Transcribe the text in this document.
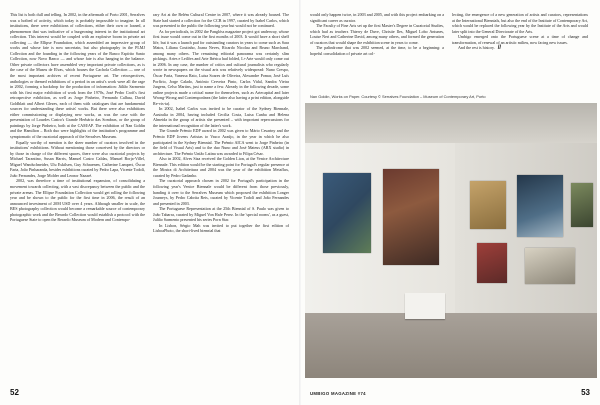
This list is both dull and telling. In 2002, in the aftermath of Porto 2001, Serralves was a hotbed of activity, which today is probably impossible to imagine. In all institutions, there were exhibitions of collections, either their own or loaned, a phenomenon that was indicative of a burgeoning interest in the institutional art collection. This interest would be coupled with an explosive boom in private art collecting — the Ellipse Foundation, which assembled an impressive group of works and whose fate is now uncertain, but also photography in the PLMJ Collection and the founding in the following years of the Banco Espírito Santo Collection, now Novo Banco — and whose fate is also hanging in the balance. Other private collectors have assembled very important private collections, as is the case of the Museu de Elvas, which houses the Cachola Collection — one of the most important archives of recent Portuguese art. The retrospectives, anthologies or themed exhibitions of a period in an artist's work were all the rage in 2002, forming a backdrop for the production of information: Júlião Sarmento with his first major exhibition of work from the 1970s, José Pedro Croft's first retrospective exhibition, as well as Jorge Pinheiro, Fernando Calhau, David Goldblatt and Albert Glezes, each of them with catalogues that are fundamental sources for understanding these artists' works. But there were also exhibitions either commissioning or displaying new works, as was the case with the presentation of Lourdes Castro's Grande Herbário das Sombras, or the group of paintings by Jorge Pinheiro, both at the CAM/AP. The exhibition of Nan Goldin and the Hamilton – Roth duo were highlights of the institution's programme and symptomatic of the curatorial approach of the Serralves Museum.

Equally worthy of mention is the sheer number of curators involved in the institutions' exhibitions. Without mentioning those conceived by the directors or by those in charge of the different spaces, there were also curatorial projects by Michael Tarantino, Susan Harris, Manuel Castro Caldas, Manuel Borja-Villel, Miguel Wandschneider, Ulu Eskilsen, Guy Schraenen, Catherine Lampert, Óscar Faria, João Pinharanda, besides exhibitions curated by Pedro Lapa, Vicente Todolí, João Fernandes, Jorge Molder and Leonor Nazaré.

2002, was therefore a time of institutional expansion, of consolidating a movement towards collecting, with a vast discrepancy between the public and the private arenas. The Ellipse Foundation Collection would get rolling the following year and be shown to the public for the first time in 2006, the result of an announced investment of 20M USD over 4 years. Although smaller in scale, the BES photography collection would become a remarkable source of contemporary photographic work and the Berardo Collection would establish a protocol with the Portuguese State to open the Berardo Museum of Modern and Contempo-

rary Art at the Belém Cultural Centre in 2007, where it was already housed. The State had started a collection for the CCB in 1997, curated by Isabel Carlos, which was presented to the public the following year but would not be continued.

As for periodicals, in 2002 the Panglóss magazine project got underway, whose first issue would come out in the first months of 2003. It would have a short shelf life, but it was a launch pad for outstanding curators in years to come such as Sara Matos, Liliana Coutinho, Joana Neves, Ricardo Nicolau and Bruno Marchand, among many others. The remaining editorial panorama was certainly slim pickings. Artes e Leilões and Arte Ibérica had folded, L+Arte would only come out in 2006. In any case, the number of critics and cultural journalists who regularly wrote in newspapers on the visual arts was relatively widespread: Nuno Crespo, Óscar Faria, Vanessa Rato, Luisa Soares de Oliveira, Alexandre Pomar, José Luís Porfírio, Jorge Calado, António Cerveira Pinto, Carlos Vidal, Sandra Vieira Jurgens, Celso Martins, just to name a few. Already in the following decade, some online projects made a critical name for themselves, such as Artecapital and later Wrong-Wrong and Contemporânea (the latter also having a print edition, alongside Re-vis-ta).

In 2002, Isabel Carlos was invited to be curator of the Sydney Biennale, Australia in 2004, having included Cecilia Costa, Luisa Cunha and Helena Almeida in the group of artists she presented – with important repercussions for the international recognition of the latter's work.

The Grande Prémio EDP award in 2002 was given to Mário Cesariny and the Prémio EDP Jovens Artistas to Vasco Araújo, in the year in which he also participated in the Sydney Biennial. The Prémio AICA went to Jorge Pinheiro (in the field of Visual Arts) and to the duo Nuno and José Mateus (ARX studio) in architecture. The Prémio União Latina was awarded to Filipa César.

Also in 2002, Alves Siza received the Golden Lion, at the Venice Architecture Biennale. This edition would be the starting point for Portugal's regular presence at the Mostra di Architettura and 2004 was the year of the exhibition Metaflux, curated by Pedro Gadanho.

The curatorial approach chosen in 2002 for Portugal's participation in the following year's Venice Biennale would be different from those previously, handing it over to the Serralves Museum which proposed the exhibition Longer Journeys, by Pedro Cabrita Reis, curated by Vicente Todolí and João Fernandes and presented in 2003.

The Portuguese Representation at the 25th Biennial of S. Paulo was given to João Tabarra, curated by Miguel Von Hafe Perez. In the 'special rooms', as a guest, Julião Sarmento presented his series Porn Star.

In Lisbon, Sérgio Mah was invited to put together the first edition of LisboaPhoto, the short-lived biennial that

52

would only happen twice, in 2003 and 2005, and with this project embarking on a significant career as curator.

The Faculty of Fine Arts set up the first Master's Degree in Curatorial Studies, which had as teachers Thierry de Duve, Christie Iles, Miguel Lobo Antunes, Louise Neri and Catherine David, among many others, and formed the generation of curators that would shape the exhibition scene in years to come.

The palindrome that was 2002 seemed, at the time, to be a beginning: a hopeful consolidation of private art col-

lecting, the emergence of a new generation of artists and curators, representations at the International Biennials, but also the end of the Institute of Contemporary Art, which would be replaced the following year by the Institute of the Arts and would later split into the General Directorate of the Arts.

Umbigo emerged onto the Portuguese scene at a time of change and transformation, of renewal of an artistic milieu, now facing new issues.

And the rest is history. //

Nan Goldin, Works on Paper. Courtesy © Serralves Foundation – Museum of Contemporary Art, Porto
UMBIGO MAGAZINE #74	53
